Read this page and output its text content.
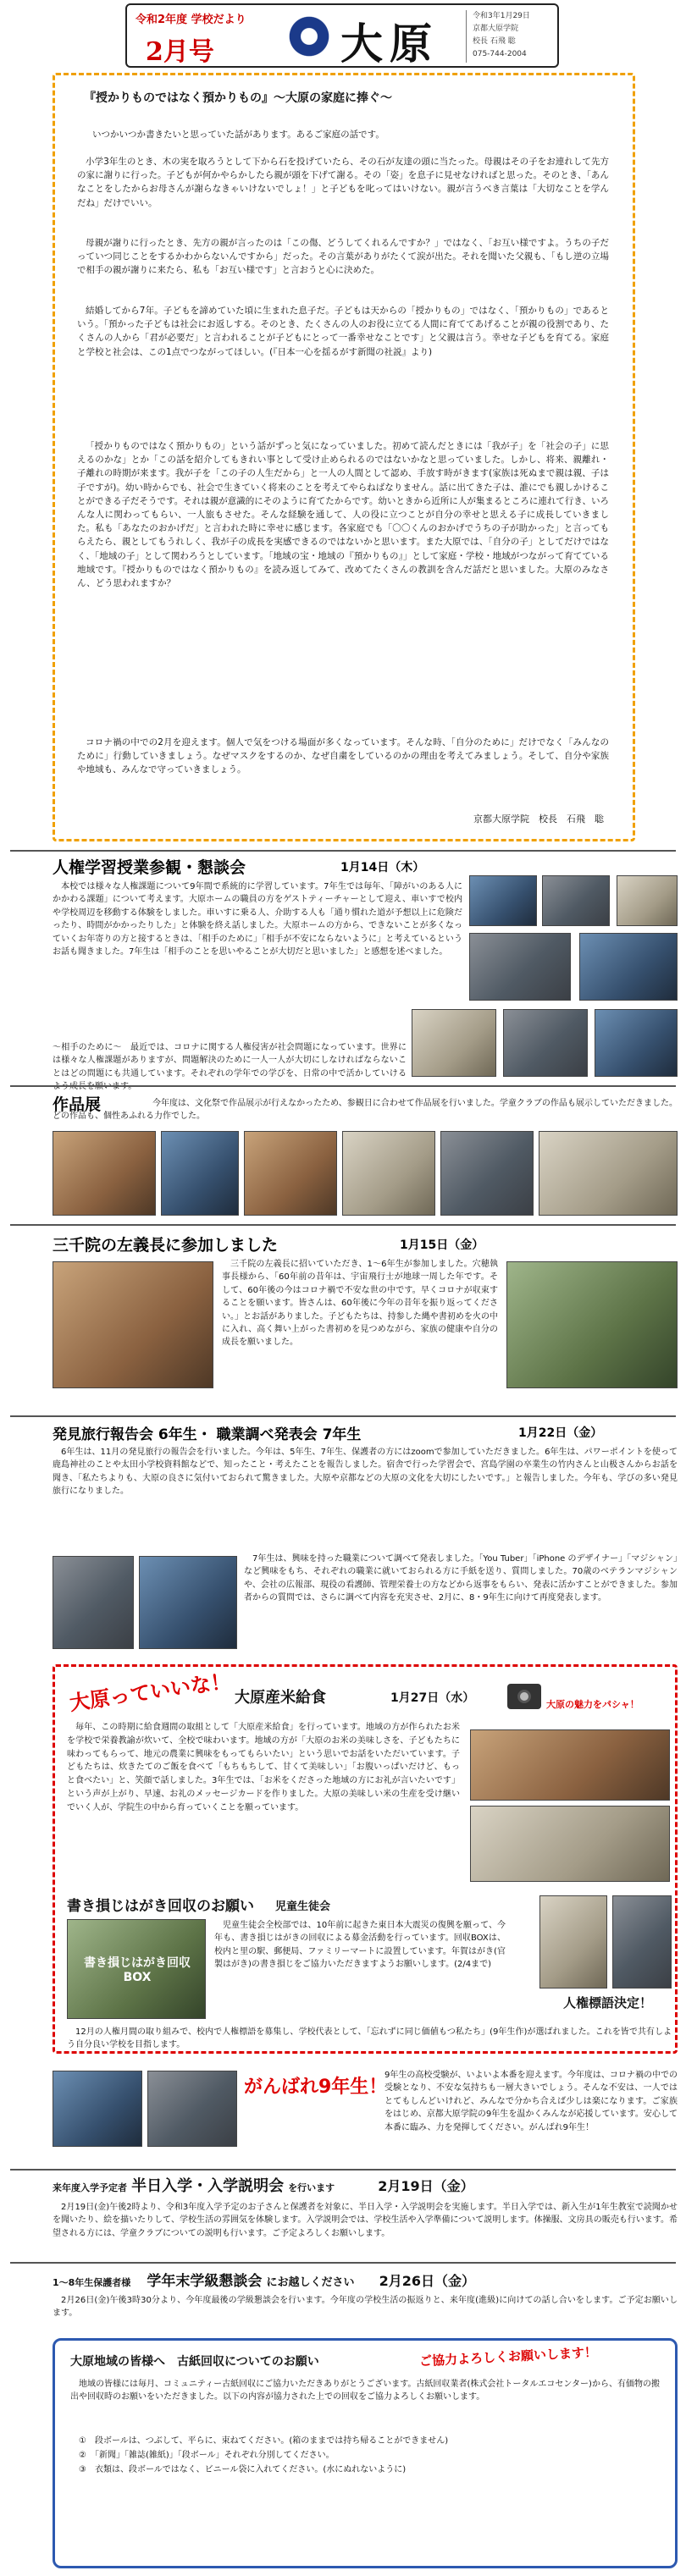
令和2年度 学校だより
2月号	大原
令和3年1月29日
京都大原学院
校長 石飛 聡
075-744-2004
『授かりものではなく預かりもの』〜大原の家庭に捧ぐ〜
いつかいつか書きたいと思っていた話があります。あるご家庭の話です。
小学3年生のとき、木の実を取ろうとして下から石を投げていたら、その石が友達の頭に当たった。母親はその子をお連れして先方の家に謝りに行った。子どもが何かやらかしたら親が頭を下げて謝る。その「姿」を息子に見せなければと思った。そのとき、「あんなことをしたからお母さんが謝らなきゃいけないでしょ！」と子どもを叱ってはいけない。親が言うべき言葉は「大切なことを学んだね」だけでいい。
母親が謝りに行ったとき、先方の親が言ったのは「この傷、どうしてくれるんですか？」ではなく、「お互い様ですよ。うちの子だっていつ同じことをするかわからないんですから」だった。その言葉がありがたくて涙が出た。それを聞いた父親も、「もし逆の立場で相手の親が謝りに来たら、私も「お互い様です」と言おうと心に決めた。
結婚してから7年。子どもを諦めていた頃に生まれた息子だ。子どもは天からの「授かりもの」ではなく、「預かりもの」であるという。「預かった子どもは社会にお返しする。そのとき、たくさんの人のお役に立てる人間に育ててあげることが親の役割であり、たくさんの人から「君が必要だ」と言われることが子どもにとって一番幸せなことです」と父親は言う。幸せな子どもを育てる。家庭と学校と社会は、この1点でつながってほしい。(『日本一心を揺るがす新聞の社説』より)
「授かりものではなく預かりもの」という話がずっと気になっていました。初めて読んだときには「我が子」を「社会の子」に思えるのかな」とか「この話を紹介してもきれい事として受け止められるのではないかなと思っていました。しかし、将来、親離れ・子離れの時期が来ます。我が子を「この子の人生だから」と一人の人間として認め、手放す時がきます(家族は死ぬまで親は親、子は子ですが)。幼い時からでも、社会で生きていく将来のことを考えてやらねばなりません。話に出てきた子は、誰にでも親しかけることができる子だそうです。それは親が意識的にそのように育てたからです。幼いときから近所に人が集まるところに連れて行き、いろんな人に関わってもらい、一人旅もさせた。そんな経験を通して、人の役に立つことが自分の幸せと思える子に成長していきました。私も「あなたのおかげだ」と言われた時に幸せに感じます。各家庭でも「〇〇くんのおかげでうちの子が助かった」と言ってもらえたら、親としてもうれしく、我が子の成長を実感できるのではないかと思います。また大原では、「自分の子」としてだけではなく、「地域の子」として関わろうとしています。「地域の宝・地域の『預かりもの』」として家庭・学校・地域がつながって育てている地域です。『授かりものではなく預かりもの』を読み返してみて、改めてたくさんの教訓を含んだ話だと思いました。大原のみなさん、どう思われますか？
コロナ禍の中での2月を迎えます。個人で気をつける場面が多くなっています。そんな時、「自分のために」だけでなく「みんなのために」行動していきましょう。なぜマスクをするのか、なぜ自粛をしているのかの理由を考えてみましょう。そして、自分や家族や地域も、みんなで守っていきましょう。
京都大原学院　校長　石飛　聡
人権学習授業参観・懇談会	1月14日（木）
本校では様々な人権課題について9年間で系統的に学習しています。7年生では毎年、「障がいのある人にかかわる課題」について考えます。大原ホームの職員の方をゲストティーチャーとして迎え、車いすで校内や学校周辺を移動する体験をしました。車いすに乗る人、介助する人も「通り慣れた道が予想以上に危険だったり、時間がかかったりした」と体験を終え話しました。大原ホームの方から、できないことが多くなっていくお年寄りの方と接するときは、「相手のために」「相手が不安にならないように」と考えているというお話も聞きました。7年生は「相手のことを思いやることが大切だと思いました」と感想を述べました。
〜相手のために〜　最近では、コロナに関する人権侵害が社会問題になっています。世界には様々な人権課題がありますが、問題解決のために一人一人が大切にしなければならないことはどの問題にも共通しています。それぞれの学年での学びを、日常の中で活かしていけるよう成長を願います。
作品展	今年度は、文化祭で作品展示が行えなかったため、参観日に合わせて作品展を行いました。学童クラブの作品も展示していただきました。どの作品も、個性あふれる力作でした。
三千院の左義長に参加しました	1月15日（金）
三千院の左義長に招いていただき、1〜6年生が参加しました。穴穂執事長様から、「60年前の昔年は、宇宙飛行士が地球一周した年です。そして、60年後の今はコロナ禍で不安な世の中です。早くコロナが収束することを願います。皆さんは、60年後に今年の昔年を振り返ってください。」とお話がありました。子どもたちは、持参した縄や書初めを火の中に入れ、高く舞い上がった書初めを見つめながら、家族の健康や自分の成長を願いました。
発見旅行報告会 6年生・ 職業調べ発表会 7年生	1月22日（金）
6年生は、11月の発見旅行の報告会を行いました。今年は、5年生、7年生、保護者の方にはzoomで参加していただきました。6年生は、パワーポイントを使って鹿島神社のことや太田小学校資料館などで、知ったこと・考えたことを報告しました。宿舎で行った学習会で、宮島学園の卒業生の竹内さんと山极さんからお話を聞き、「私たちよりも、大原の良さに気付いておられて驚きました。大原や京都などの大原の文化を大切にしたいです。」と報告しました。今年も、学びの多い発見旅行になりました。
7年生は、興味を持った職業について調べて発表しました。「You Tuber」「iPhone のデザイナー」「マジシャン」など興味をもち、それぞれの職業に就いておられる方に手紙を送り、質問しました。70歳のベテランマジシャンや、会社の広報部、現役の看護師、管理栄養士の方などから返事をもらい、発表に活かすことができました。参加者からの質問では、さらに調べて内容を充実させ、2月に、8・9年生に向けて再度発表します。
大原っていいな！ 大原産米給食	1月27日（水）	大原の魅力をパシャ！
毎年、この時期に給食週間の取組として「大原産米給食」を行っています。地域の方が作られたお米を学校で栄養教諭が炊いて、全校で味わいます。地域の方が「大原のお米の美味しさを、子どもたちに味わってもらって、地元の農業に興味をもってもらいたい」という思いでお話をいただいています。子どもたちは、炊きたてのご飯を食べて「もちもちして、甘くて美味しい」「お腹いっぱいだけど、もっと食べたい」と、笑顔で話しました。3年生では、「お米をくださった地域の方にお礼が言いたいです」という声が上がり、早速、お礼のメッセージカードを作りました。大原の美味しい米の生産を受け継いでいく人が、学院生の中から育っていくことを願っています。
書き損じはがき回収のお願い 児童生徒会
書き損じはがき回収BOX
児童生徒会全校部では、10年前に起きた東日本大震災の復興を願って、今年も、書き損じはがきの回収による募金活動を行っています。回収BOXは、校内と里の駅、郵便局、ファミリーマートに設置しています。年賀はがき(官製はがき)の書き損じをご協力いただきますようお願いします。(2/4まで)
人権標語決定！
12月の人権月間の取り組みで、校内で人権標語を募集し、学校代表として、「忘れずに同じ価値もつ私たち」(9年生作)が選ばれました。これを皆で共有しよう自分良い学校を目指します。
がんばれ9年生！
9年生の高校受験が、いよいよ本番を迎えます。今年度は、コロナ禍の中での受験となり、不安な気持ちも一層大きいでしょう。そんな不安は、一人ではとてもしんどいけれど、みんなで分かち合えば少しは楽になります。ご家族をはじめ、京都大原学院の9年生を温かくみんなが応援しています。安心して本番に臨み、力を発揮してください。がんばれ9年生！
来年度入学予定者 半日入学・入学説明会 を行います	2月19日（金）
2月19日(金)午後2時より、令和3年度入学予定のお子さんと保護者を対象に、半日入学・入学説明会を実施します。半日入学では、新入生が1年生教室で読聞かせを聞いたり、絵を描いたりして、学校生活の雰囲気を体験します。入学説明会では、学校生活や入学準備について説明します。体操服、文房具の販売も行います。希望される方には、学童クラブについての説明も行います。ご予定よろしくお願いします。
1〜8年生保護者様 学年末学級懇談会 にお越しください 2月26日（金）
2月26日(金)午後3時30分より、今年度最後の学級懇談会を行います。今年度の学校生活の振返りと、来年度(進級)に向けての話し合いをします。ご予定お願いします。
大原地域の皆様へ　古紙回収についてのお願い	ご協力よろしくお願いします！
地域の皆様には毎月、コミュニティー古紙回収にご協力いただきありがとうございます。古紙回収業者(株式会社トータルエコセンター)から、有価物の搬出や回収時のお願いをいただきました。以下の内容が協力された上での回収をご協力よろしくお願いします。
①　段ボールは、つぶして、平らに、束ねてください。(箱のままでは持ち帰ることができません)
②　「新聞」「雑誌(雑紙)」「段ボール」それぞれ分別してください。
③　衣類は、段ボールではなく、ビニール袋に入れてください。(水にぬれないように)
